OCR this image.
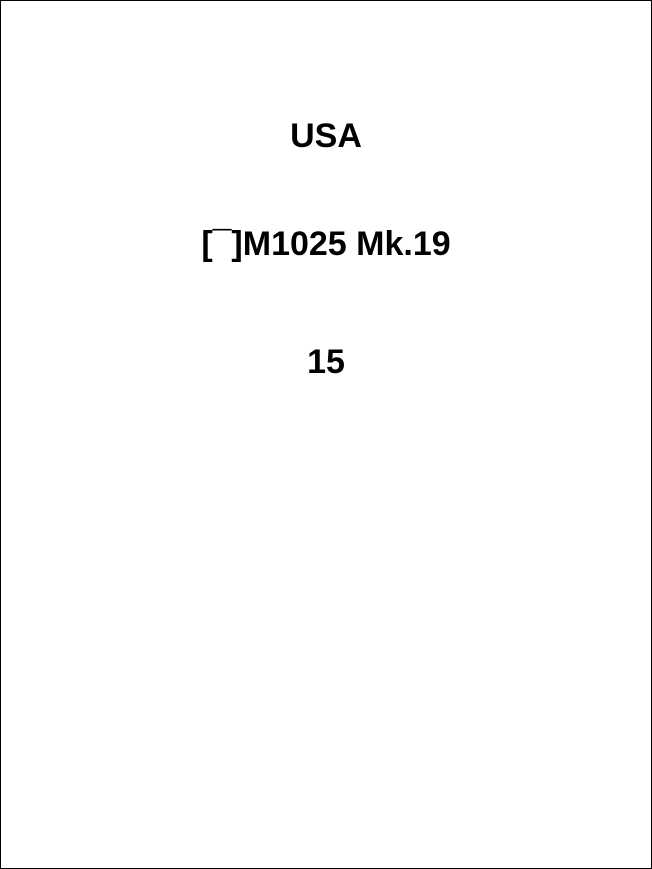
USA
[¯]M1025 Mk.19
15
